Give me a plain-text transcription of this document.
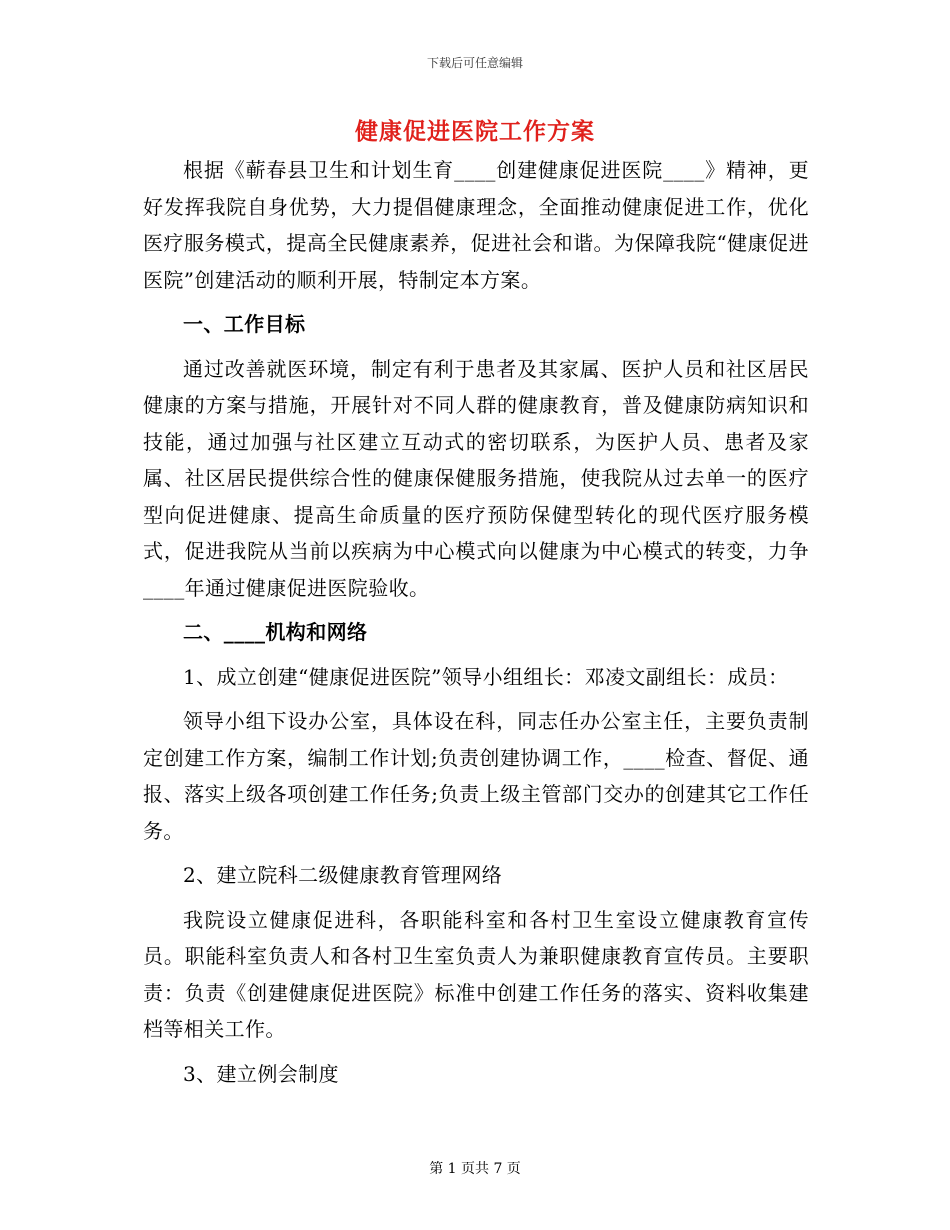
下载后可任意编辑
健康促进医院工作方案

根据《蕲春县卫生和计划生育____创建健康促进医院____》精神，更好发挥我院自身优势，大力提倡健康理念，全面推动健康促进工作，优化医疗服务模式，提高全民健康素养，促进社会和谐。为保障我院“健康促进医院”创建活动的顺利开展，特制定本方案。

一、工作目标

通过改善就医环境，制定有利于患者及其家属、医护人员和社区居民健康的方案与措施，开展针对不同人群的健康教育，普及健康防病知识和技能，通过加强与社区建立互动式的密切联系，为医护人员、患者及家属、社区居民提供综合性的健康保健服务措施，使我院从过去单一的医疗型向促进健康、提高生命质量的医疗预防保健型转化的现代医疗服务模式，促进我院从当前以疾病为中心模式向以健康为中心模式的转变，力争____年通过健康促进医院验收。

二、____机构和网络

1、成立创建“健康促进医院”领导小组组长：邓凌文副组长：成员：

领导小组下设办公室，具体设在科，同志任办公室主任，主要负责制定创建工作方案，编制工作计划;负责创建协调工作，____检查、督促、通报、落实上级各项创建工作任务;负责上级主管部门交办的创建其它工作任务。

2、建立院科二级健康教育管理网络

我院设立健康促进科，各职能科室和各村卫生室设立健康教育宣传员。职能科室负责人和各村卫生室负责人为兼职健康教育宣传员。主要职责：负责《创建健康促进医院》标准中创建工作任务的落实、资料收集建档等相关工作。

3、建立例会制度

第 1 页共 7 页
